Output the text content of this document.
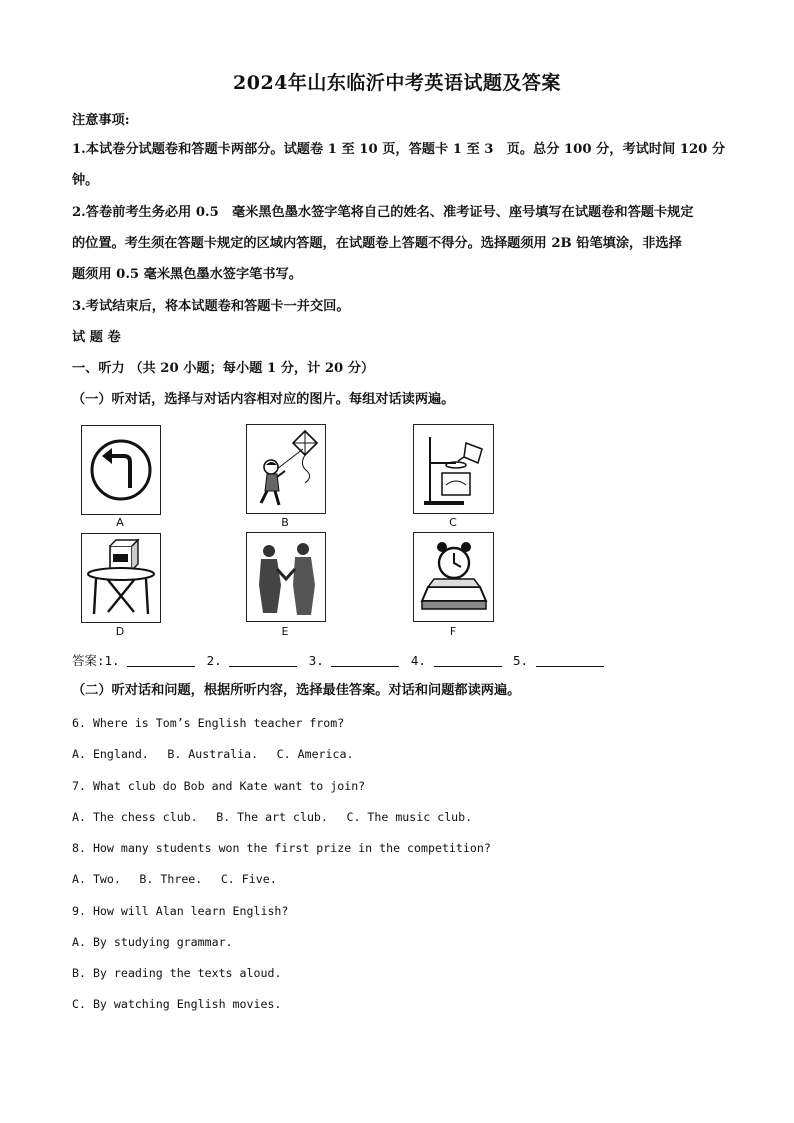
2024年山东临沂中考英语试题及答案
注意事项:
1.本试卷分试题卷和答题卡两部分。试题卷 1 至 10 页，答题卡 1 至 3　页。总分 100 分，考试时间 120 分
钟。
2.答卷前考生务必用 0.5　毫米黑色墨水签字笔将自己的姓名、准考证号、座号填写在试题卷和答题卡规定
的位置。考生须在答题卡规定的区域内答题，在试题卷上答题不得分。选择题须用 2B 铅笔填涂，非选择
题须用 0.5 毫米黑色墨水签字笔书写。
3.考试结束后，将本试题卷和答题卡一并交回。
试 题 卷
一、听力 （共 20 小题；每小题 1 分，计 20 分）
（一）听对话，选择与对话内容相对应的图片。每组对话读两遍。
A	B	C
D	E	F
答案:1.	2.	3.	4.	5.
（二）听对话和问题，根据所听内容，选择最佳答案。对话和问题都读两遍。
6. Where is Tom’s English teacher from?
A. England.　 B. Australia.　 C. America.
7. What club do Bob and Kate want to join?
A. The chess club.　 B. The art club.　 C. The music club.
8. How many students won the first prize in the competition?
A. Two.　 B. Three.　 C. Five.
9. How will Alan learn English?
A. By studying grammar.
B. By reading the texts aloud.
C. By watching English movies.
